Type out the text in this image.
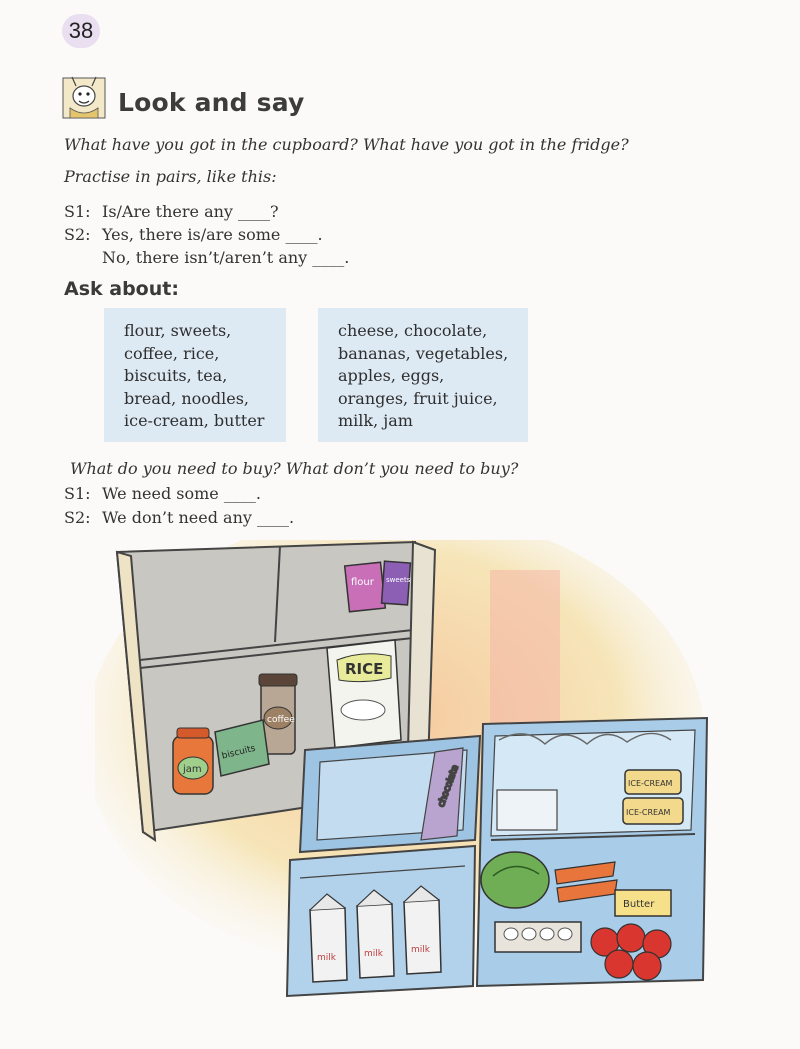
38
Look and say
What have you got in the cupboard? What have you got in the fridge?
Practise in pairs, like this:
S1: Is/Are there any ____?
S2: Yes, there is/are some ____.
No, there isn’t/aren’t any ____.
Ask about:
flour, sweets,
coffee, rice,
biscuits, tea,
bread, noodles,
ice-cream, butter
cheese, chocolate,
bananas, vegetables,
apples, eggs,
oranges, fruit juice,
milk, jam
What do you need to buy? What don’t you need to buy?
S1: We need some ____.
S2: We don’t need any ____.
flour sweets
RICE
coffee
biscuits
jam	chocolate	ICE-CREAM
ICE-CREAM
Butter
milk	milk	milk
